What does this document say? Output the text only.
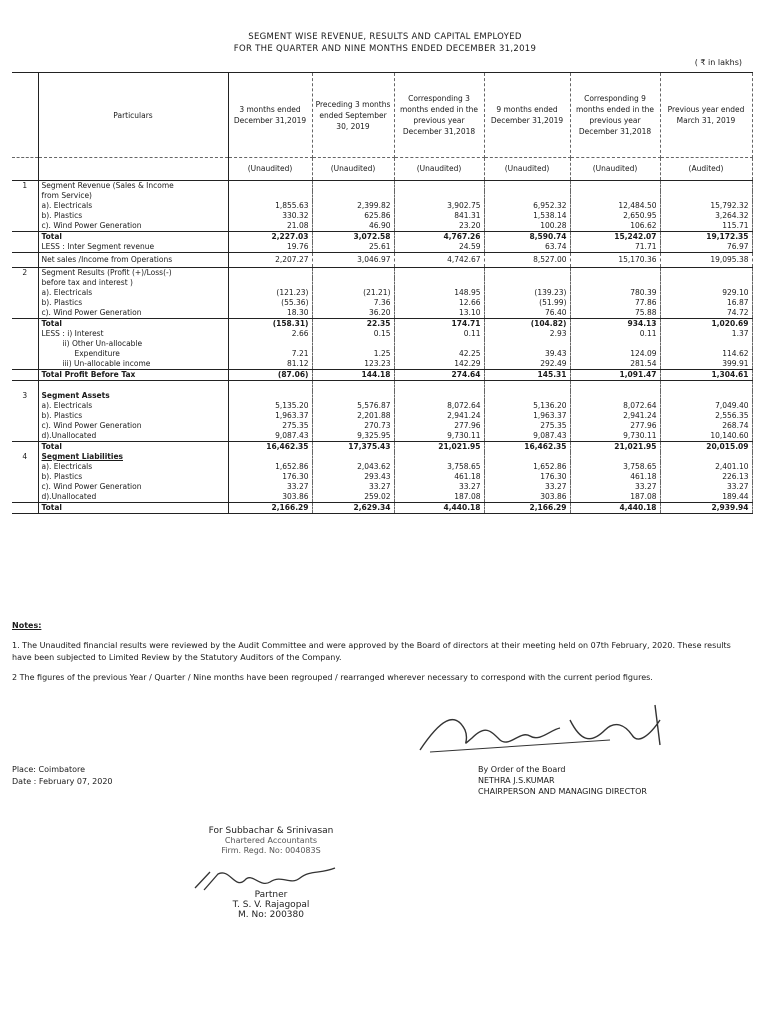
SEGMENT WISE REVENUE, RESULTS AND CAPITAL EMPLOYED
FOR THE QUARTER AND NINE MONTHS ENDED DECEMBER 31,2019
( ₹ in lakhs)
	Particulars	3 months ended December 31,2019	Preceding 3 months ended September 30, 2019	Corresponding 3 months ended in the previous year December 31,2018	9 months ended December 31,2019	Corresponding 9 months ended in the previous year December 31,2018	Previous year ended March 31, 2019
		(Unaudited)	(Unaudited)	(Unaudited)	(Unaudited)	(Unaudited)	(Audited)
1	Segment Revenue (Sales & Income						
	from Service)						
	a). Electricals	1,855.63	2,399.82	3,902.75	6,952.32	12,484.50	15,792.32
	b). Plastics	330.32	625.86	841.31	1,538.14	2,650.95	3,264.32
	c). Wind Power Generation	21.08	46.90	23.20	100.28	106.62	115.71
	Total	2,227.03	3,072.58	4,767.26	8,590.74	15,242.07	19,172.35
	LESS : Inter Segment revenue	19.76	25.61	24.59	63.74	71.71	76.97
	Net sales /Income from Operations	2,207.27	3,046.97	4,742.67	8,527.00	15,170.36	19,095.38
2	Segment Results (Profit (+)/Loss(-)						
	before tax and interest )						
	a). Electricals	(121.23)	(21.21)	148.95	(139.23)	780.39	929.10
	b). Plastics	(55.36)	7.36	12.66	(51.99)	77.86	16.87
	c). Wind Power Generation	18.30	36.20	13.10	76.40	75.88	74.72
	Total	(158.31)	22.35	174.71	(104.82)	934.13	1,020.69
	LESS : i) Interest	2.66	0.15	0.11	2.93	0.11	1.37
	ii) Other Un-allocable						
	Expenditure	7.21	1.25	42.25	39.43	124.09	114.62
	iii) Un-allocable income	81.12	123.23	142.29	292.49	281.54	399.91
	Total Profit Before Tax	(87.06)	144.18	274.64	145.31	1,091.47	1,304.61

3	Segment Assets						
	a). Electricals	5,135.20	5,576.87	8,072.64	5,136.20	8,072.64	7,049.40
	b). Plastics	1,963.37	2,201.88	2,941.24	1,963.37	2,941.24	2,556.35
	c). Wind Power Generation	275.35	270.73	277.96	275.35	277.96	268.74
	d).Unallocated	9,087.43	9,325.95	9,730.11	9,087.43	9,730.11	10,140.60
	Total	16,462.35	17,375.43	21,021.95	16,462.35	21,021.95	20,015.09
4	Segment Liabilities						
	a). Electricals	1,652.86	2,043.62	3,758.65	1,652.86	3,758.65	2,401.10
	b). Plastics	176.30	293.43	461.18	176.30	461.18	226.13
	c). Wind Power Generation	33.27	33.27	33.27	33.27	33.27	33.27
	d).Unallocated	303.86	259.02	187.08	303.86	187.08	189.44
	Total	2,166.29	2,629.34	4,440.18	2,166.29	4,440.18	2,939.94

Notes:

1. The Unaudited financial results were reviewed by the Audit Committee and were approved by the Board of directors at their meeting held on 07th February, 2020. These results have been subjected to Limited Review by the Statutory Auditors of the Company.

2 The figures of the previous Year / Quarter / Nine months have been regrouped / rearranged wherever necessary to correspond with the current period figures.

Place: Coimbatore
Date : February 07, 2020
By Order of the Board
NETHRA J.S.KUMAR
CHAIRPERSON AND MANAGING DIRECTOR
For Subbachar & Srinivasan
Chartered Accountants
Firm. Regd. No: 004083S
Partner
T. S. V. Rajagopal
M. No: 200380
